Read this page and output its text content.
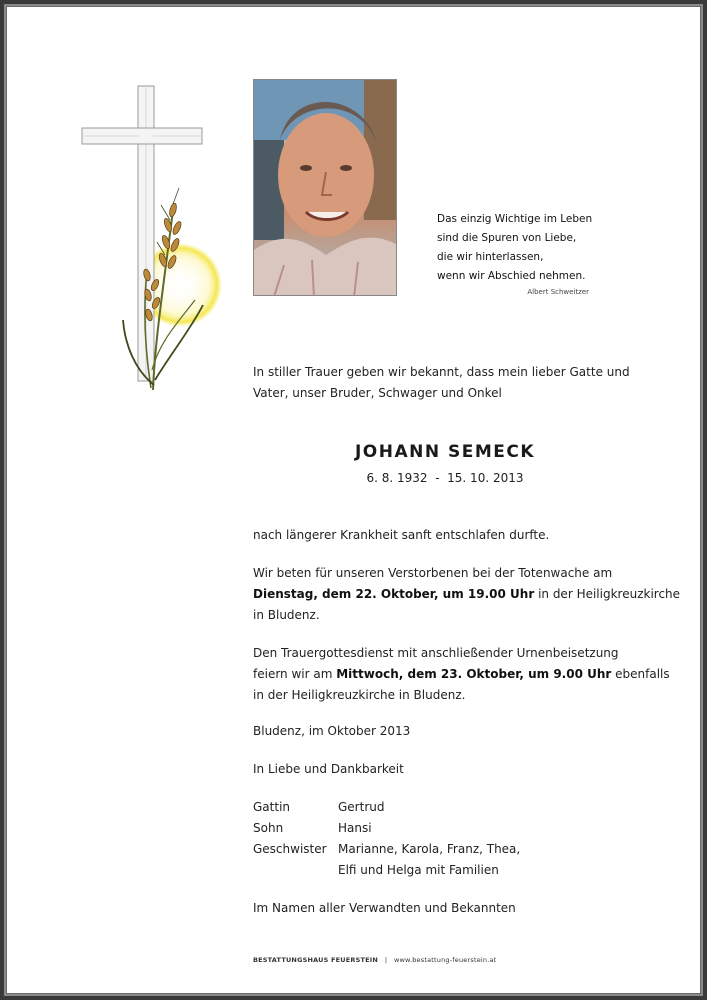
Das einzig Wichtige im Leben
sind die Spuren von Liebe,
die wir hinterlassen,
wenn wir Abschied nehmen.
Albert Schweitzer
In stiller Trauer geben wir bekannt, dass mein lieber Gatte und
Vater, unser Bruder, Schwager und Onkel
JOHANN SEMECK
6. 8. 1932  -  15. 10. 2013
nach längerer Krankheit sanft entschlafen durfte.
Wir beten für unseren Verstorbenen bei der Totenwache am
Dienstag, dem 22. Oktober, um 19.00 Uhr in der Heiligkreuzkirche
in Bludenz.
Den Trauergottesdienst mit anschließender Urnenbeisetzung
feiern wir am Mittwoch, dem 23. Oktober, um 9.00 Uhr ebenfalls
in der Heiligkreuzkirche in Bludenz.
Bludenz, im Oktober 2013
In Liebe und Dankbarkeit
Gattin	Gertrud
Sohn	Hansi
Geschwister Marianne, Karola, Franz, Thea,
Elfi und Helga mit Familien
Im Namen aller Verwandten und Bekannten
BESTATTUNGSHAUS FEUERSTEIN | www.bestattung-feuerstein.at
